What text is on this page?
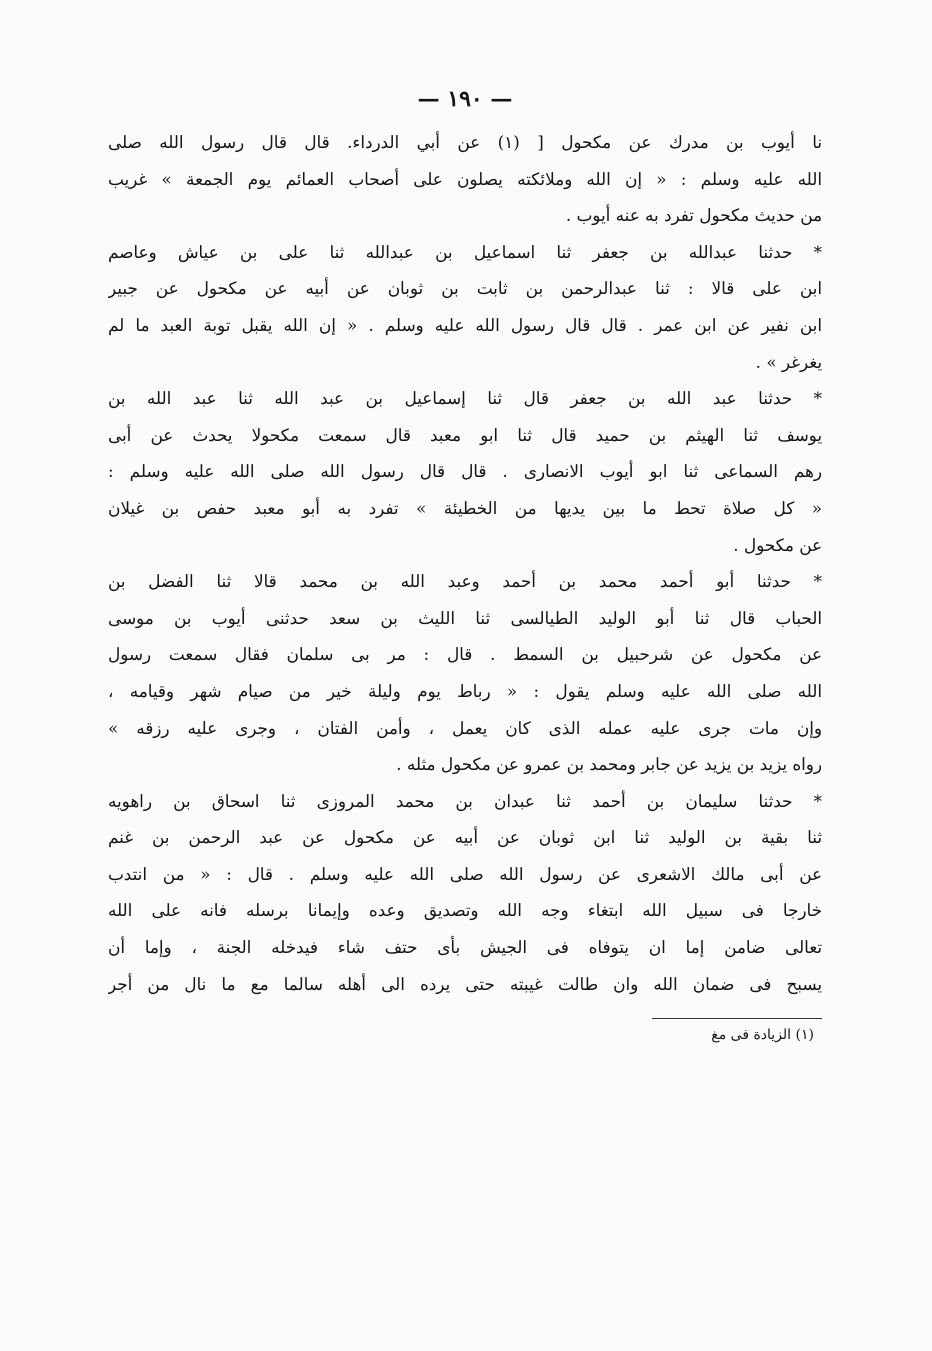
— ١٩٠ —
نا أيوب بن مدرك عن مكحول [ (١) عن أبي الدرداء. قال قال رسول الله صلى
الله عليه وسلم : « إن الله وملائكته يصلون على أصحاب العمائم يوم الجمعة » غريب
من حديث مكحول تفرد به عنه أيوب .
* حدثنا عبدالله بن جعفر ثنا اسماعيل بن عبدالله ثنا على بن عياش وعاصم
ابن على قالا : ثنا عبدالرحمن بن ثابت بن ثوبان عن أبيه عن مكحول عن جبير
ابن نفير عن ابن عمر . قال قال رسول الله عليه وسلم . « إن الله يقبل توبة العبد ما لم
يغرغر » .
* حدثنا عبد الله بن جعفر قال ثنا إسماعيل بن عبد الله ثنا عبد الله بن
يوسف ثنا الهيثم بن حميد قال ثنا ابو معبد قال سمعت مكحولا يحدث عن أبى
رهم السماعى ثنا ابو أيوب الانصارى . قال قال رسول الله صلى الله عليه وسلم :
« كل صلاة تحط ما بين يديها من الخطيئة » تفرد به أبو معبد حفص بن غيلان
عن مكحول .
* حدثنا أبو أحمد محمد بن أحمد وعبد الله بن محمد قالا ثنا الفضل بن
الحباب قال ثنا أبو الوليد الطيالسى ثنا الليث بن سعد حدثنى أيوب بن موسى
عن مكحول عن شرحبيل بن السمط . قال : مر بى سلمان فقال سمعت رسول
الله صلى الله عليه وسلم يقول : « رباط يوم وليلة خير من صيام شهر وقيامه ،
وإن مات جرى عليه عمله الذى كان يعمل ، وأمن الفتان ، وجرى عليه رزقه »
رواه يزيد بن يزيد عن جابر ومحمد بن عمرو عن مكحول مثله .
* حدثنا سليمان بن أحمد ثنا عبدان بن محمد المروزى ثنا اسحاق بن راهويه
ثنا بقية بن الوليد ثنا ابن ثوبان عن أبيه عن مكحول عن عبد الرحمن بن غنم
عن أبى مالك الاشعرى عن رسول الله صلى الله عليه وسلم . قال : « من انتدب
خارجا فى سبيل الله ابتغاء وجه الله وتصديق وعده وإيمانا برسله فانه على الله
تعالى ضامن إما ان يتوفاه فى الجيش بأى حتف شاء فيدخله الجنة ، وإما أن
يسبح فى ضمان الله وان طالت غيبته حتى يرده الى أهله سالما مع ما نال من أجر
(١) الزيادة فى مغ
